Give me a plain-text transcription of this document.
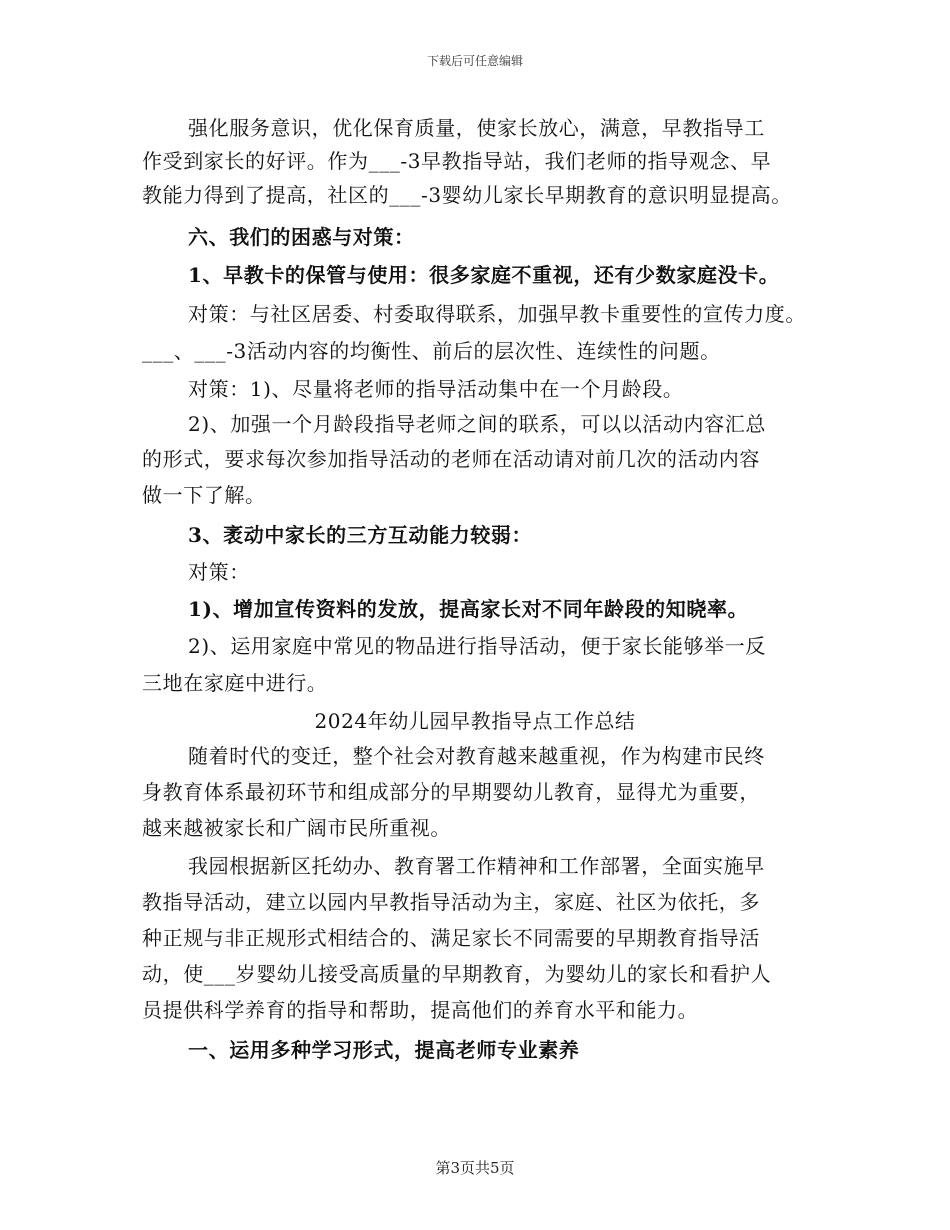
下载后可任意编辑
强化服务意识，优化保育质量，使家长放心，满意，早教指导工
作受到家长的好评。作为___-3早教指导站，我们老师的指导观念、早
教能力得到了提高，社区的___-3婴幼儿家长早期教育的意识明显提高。
六、我们的困惑与对策：
1、早教卡的保管与使用：很多家庭不重视，还有少数家庭没卡。
对策：与社区居委、村委取得联系，加强早教卡重要性的宣传力度。
___、___-3活动内容的均衡性、前后的层次性、连续性的问题。
对策：1)、尽量将老师的指导活动集中在一个月龄段。
2)、加强一个月龄段指导老师之间的联系，可以以活动内容汇总
的形式，要求每次参加指导活动的老师在活动请对前几次的活动内容
做一下了解。
3、袤动中家长的三方互动能力较弱：
对策：
1)、增加宣传资料的发放，提高家长对不同年龄段的知晓率。
2)、运用家庭中常见的物品进行指导活动，便于家长能够举一反
三地在家庭中进行。
2024年幼儿园早教指导点工作总结
随着时代的变迁，整个社会对教育越来越重视，作为构建市民终
身教育体系最初环节和组成部分的早期婴幼儿教育，显得尤为重要，
越来越被家长和广阔市民所重视。
我园根据新区托幼办、教育署工作精神和工作部署，全面实施早
教指导活动，建立以园内早教指导活动为主，家庭、社区为依托，多
种正规与非正规形式相结合的、满足家长不同需要的早期教育指导活
动，使___岁婴幼儿接受高质量的早期教育，为婴幼儿的家长和看护人
员提供科学养育的指导和帮助，提高他们的养育水平和能力。
一、运用多种学习形式，提高老师专业素养
第3页共5页
